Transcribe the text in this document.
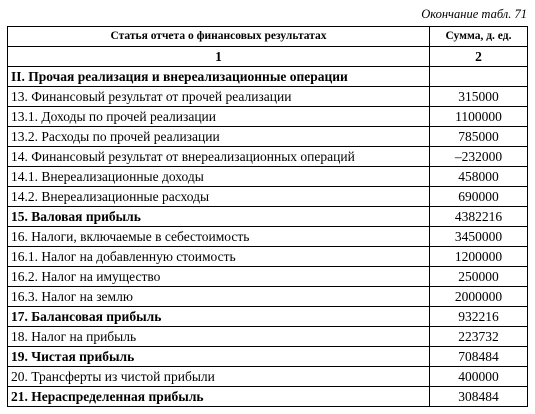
Окончание табл. 71
Статья отчета о финансовых результатах	Сумма, д. ед.
1	2
II. Прочая реализация и внереализационные операции	
13. Финансовый результат от прочей реализации	315000
13.1. Доходы по прочей реализации	1100000
13.2. Расходы по прочей реализации	785000
14. Финансовый результат от внереализационных операций	–232000
14.1. Внереализационные доходы	458000
14.2. Внереализационные расходы	690000
15. Валовая прибыль	4382216
16. Налоги, включаемые в себестоимость	3450000
16.1. Налог на добавленную стоимость	1200000
16.2. Налог на имущество	250000
16.3. Налог на землю	2000000
17. Балансовая прибыль	932216
18. Налог на прибыль	223732
19. Чистая прибыль	708484
20. Трансферты из чистой прибыли	400000
21. Нераспределенная прибыль	308484
